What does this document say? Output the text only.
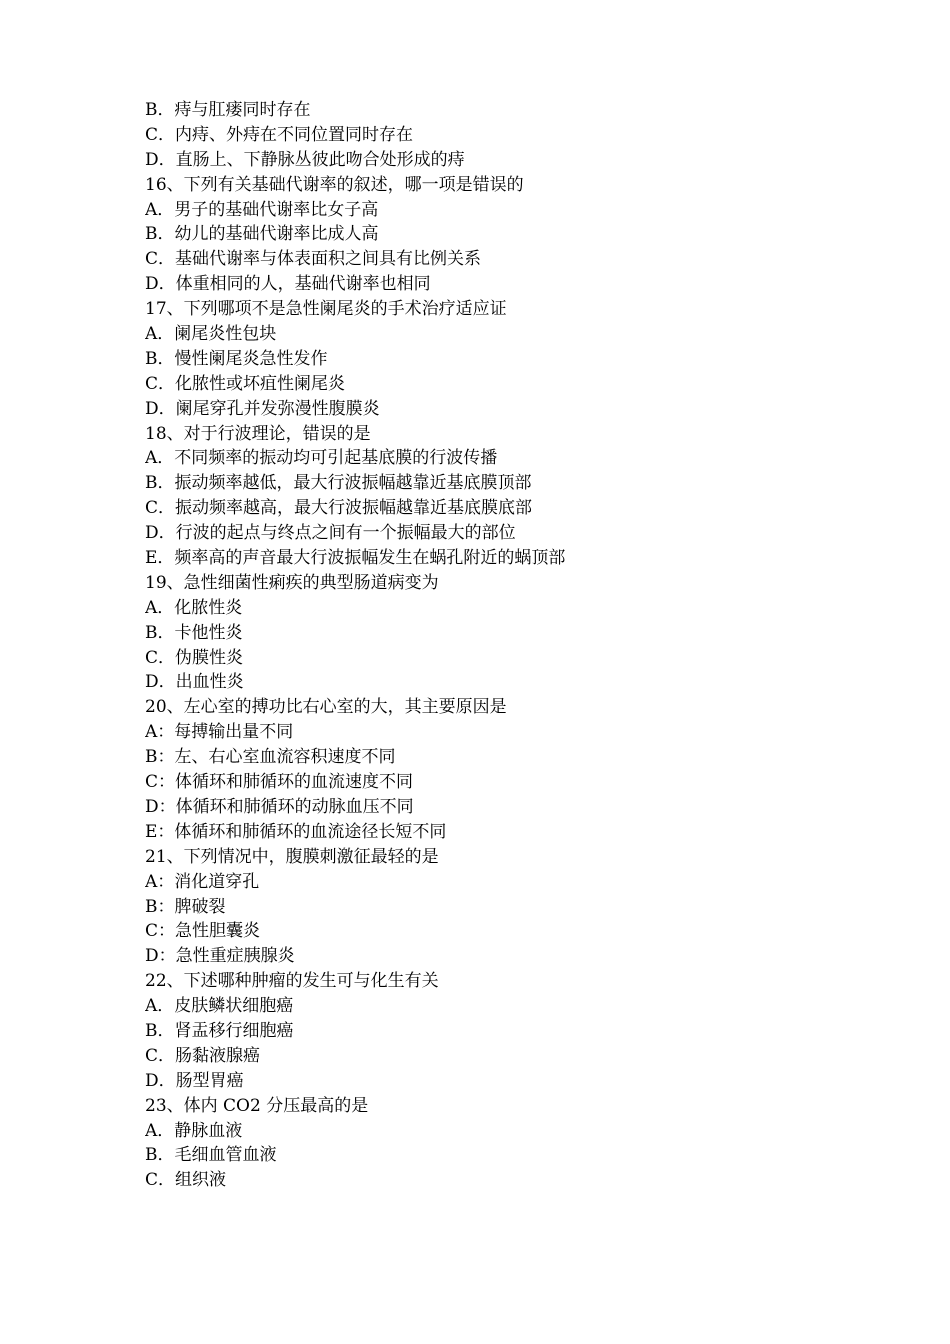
B．痔与肛瘘同时存在
C．内痔、外痔在不同位置同时存在
D．直肠上、下静脉丛彼此吻合处形成的痔
16、下列有关基础代谢率的叙述，哪一项是错误的
A．男子的基础代谢率比女子高
B．幼儿的基础代谢率比成人高
C．基础代谢率与体表面积之间具有比例关系
D．体重相同的人，基础代谢率也相同
17、下列哪项不是急性阑尾炎的手术治疗适应证
A．阑尾炎性包块
B．慢性阑尾炎急性发作
C．化脓性或坏疽性阑尾炎
D．阑尾穿孔并发弥漫性腹膜炎
18、对于行波理论，错误的是
A．不同频率的振动均可引起基底膜的行波传播
B．振动频率越低，最大行波振幅越靠近基底膜顶部
C．振动频率越高，最大行波振幅越靠近基底膜底部
D．行波的起点与终点之间有一个振幅最大的部位
E．频率高的声音最大行波振幅发生在蜗孔附近的蜗顶部
19、急性细菌性痢疾的典型肠道病变为
A．化脓性炎
B．卡他性炎
C．伪膜性炎
D．出血性炎
20、左心室的搏功比右心室的大，其主要原因是
A：每搏输出量不同
B：左、右心室血流容积速度不同
C：体循环和肺循环的血流速度不同
D：体循环和肺循环的动脉血压不同
E：体循环和肺循环的血流途径长短不同
21、下列情况中，腹膜刺激征最轻的是
A：消化道穿孔
B：脾破裂
C：急性胆囊炎
D：急性重症胰腺炎
22、下述哪种肿瘤的发生可与化生有关
A．皮肤鳞状细胞癌
B．肾盂移行细胞癌
C．肠黏液腺癌
D．肠型胃癌
23、体内 CO2 分压最高的是
A．静脉血液
B．毛细血管血液
C．组织液
